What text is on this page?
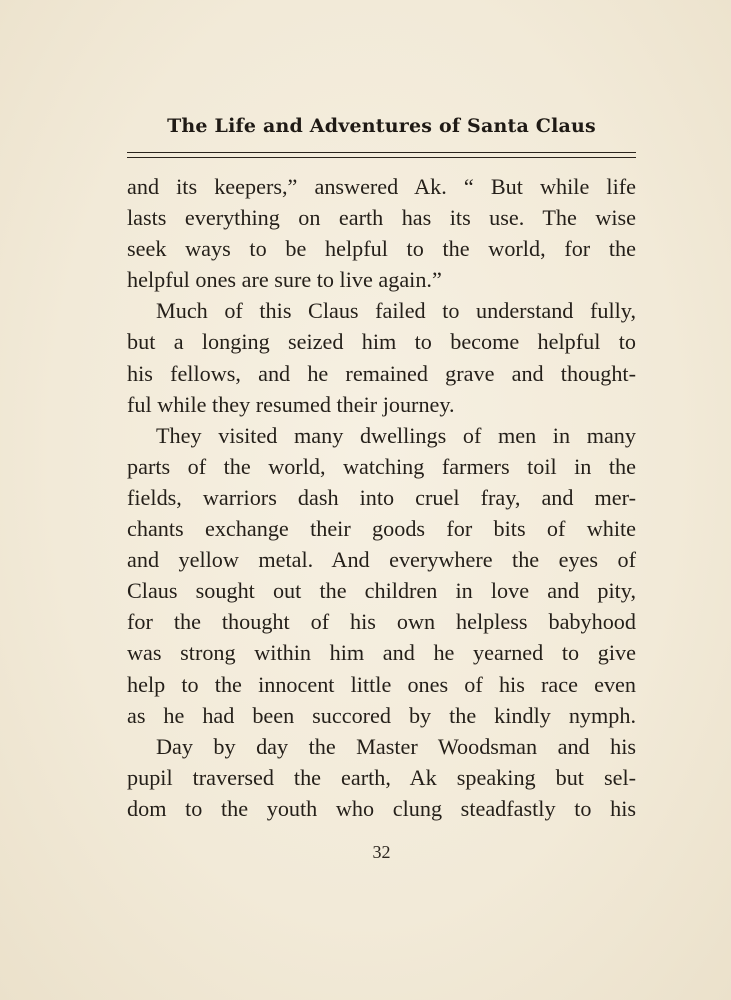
The Life and Adventures of Santa Claus
and its keepers,” answered Ak. “ But while life
lasts everything on earth has its use. The wise
seek ways to be helpful to the world, for the
helpful ones are sure to live again.”
Much of this Claus failed to understand fully,
but a longing seized him to become helpful to
his fellows, and he remained grave and thought-
ful while they resumed their journey.
They visited many dwellings of men in many
parts of the world, watching farmers toil in the
fields, warriors dash into cruel fray, and mer-
chants exchange their goods for bits of white
and yellow metal. And everywhere the eyes of
Claus sought out the children in love and pity,
for the thought of his own helpless babyhood
was strong within him and he yearned to give
help to the innocent little ones of his race even
as he had been succored by the kindly nymph.
Day by day the Master Woodsman and his
pupil traversed the earth, Ak speaking but sel-
dom to the youth who clung steadfastly to his
32
